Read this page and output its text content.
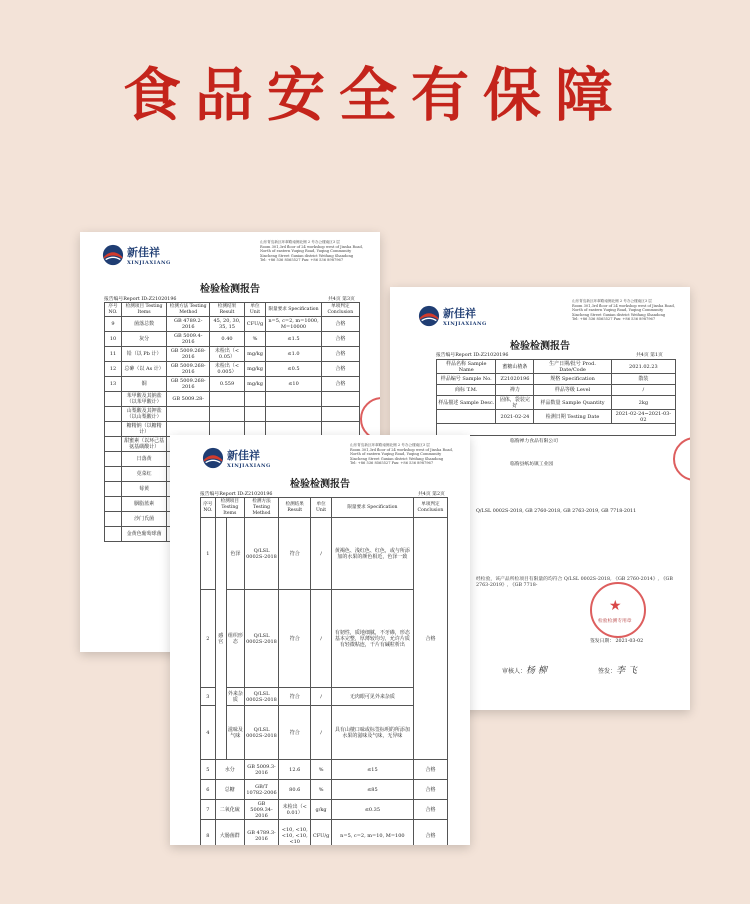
食品安全有保障
新佳祥
XINJIAXIANG
山东青岛新区环翠路南侧北侧 2 号办公楼南区3 层
Room 301,3rd floor of 24 workshop west of Jinsha Road,
North of eastern Yuqing Road, Yuqing Community
Xincheng Street Guxian district Weifang Shandong
Tel: +86 536 8565527 Fax: +86 536 8987967
检验检测报告
报告编号Report ID:Z21020196	共4页 第3页
序号 NO.	检测项目 Testing Items	检测方法 Testing Method	检测结果 Result	单位 Unit	限量要求 Specification	单项判定 Conclusion
9	菌落总数	GB 4789.2-2016	45, 20, 30, 35, 15	CFU/g	n=5, c=2, m=1000, M=10000	合格
10	灰分	GB 5009.4-2016	0.40	%	≤1.5	合格
11	铅（以 Pb 计）	GB 5009.268-2016	未检出（< 0.05）	mg/kg	≤1.0	合格
12	总砷（以 As 计）	GB 5009.268-2016	未检出（< 0.005）	mg/kg	≤0.5	合格
13	铜	GB 5009.268-2016	0.559	mg/kg	≤10	合格
	苯甲酸及其钠盐（以苯甲酸计）	GB 5009.28-				
	山梨酸及其钾盐（以山梨酸计）					
	糖精钠（以糖精计）					
	甜蜜素（以环己基氨基磺酸计）					
	日落黄					
	苋菜红					
	莓黄					
	胭脂蓝素					
	沙门氏菌					
	金黄色葡萄球菌					
新佳祥
XINJIAXIANG
山东青岛新区环翠路南侧北侧 2 号办公楼南区3 层
Room 301,3rd floor of 24 workshop west of Jinsha Road,
North of eastern Yuqing Road, Yuqing Community
Xincheng Street Guxian district Weifang Shandong
Tel: +86 536 8565527 Fax: +86 536 8987967
检验检测报告
报告编号Report ID:Z21020196	共4页 第1页
样品名称 Sample Name	蜜糖山楂条	生产日期/批号 Prod. Date/Code	2021.02.23
样品编号 Sample No.	Z21020196	规格 Specification	散装
商标 T.M.	禅力	样品等级 Level	/
样品描述 Sample Desc.	固体，袋装完好	样品数量 Sample Quantity	2kg
	2021-02-24	检测日期 Testing Date	2021-02-24~2021-03-02

临朐禅力食品有限公司
临朐县纸坊镇工业园
Q/LSL 0002S-2018, GB 2760-2018, GB 2763-2019, GB 7718-2011
经检验，该产品所检项目有限量的均符合 Q/LSL 0002S-2018, 《GB 2760-2014》, 《GB 2763-2019》, 《GB 7718-
★
检验检测专用章
签发日期： 2021-03-02
审核人：杨 柳	签发：李 飞
新佳祥
XINJIAXIANG
山东青岛新区环翠路南侧北侧 2 号办公楼南区3 层
Room 301,3rd floor of 24 workshop west of Jinsha Road,
North of eastern Yuqing Road, Yuqing Community
Xincheng Street Guxian district Weifang Shandong
Tel: +86 536 8565527 Fax: +86 536 8987967
检验检测报告
报告编号Report ID:Z21020196	共4页 第2页
序号 NO.	检测项目 Testing Items		检测方法 Testing Method	检测结果 Result	单位 Unit	限量要求 Specification	单项判定 Conclusion
1	感官	色泽	Q/LSL 0002S-2018	符合	/	黄褐色、浅红色、红色，或与所添加的水果的颜色相近，色泽一致	合格
2		组织形态	Q/LSL 0002S-2018	符合	/	有韧性，质地细腻，不牙碜，形态基本完整，厚薄较均匀，允许片质有轻微粘连，干片有碱粒析出	
3		外来杂质	Q/LSL 0002S-2018	符合	/	无肉眼可见外来杂质	
4		滋味及气味	Q/LSL 0002S-2018	符合	/	具有山楂口味或标签标明的所添加水果的滋味及气味，无异味	
5	水分		GB 5009.3-2016	12.6	%	≤15	合格
6	总糖		GB/T 10782-2006	80.6	%	≤85	合格
7	二氧化硫		GB 5009.34-2016	未检出（< 0.01）	g/kg	≤0.35	合格
8	大肠菌群		GB 4789.3-2016	<10, <10, <10, <10, <10	CFU/g	n=5, c=2, m=10, M=100	合格
